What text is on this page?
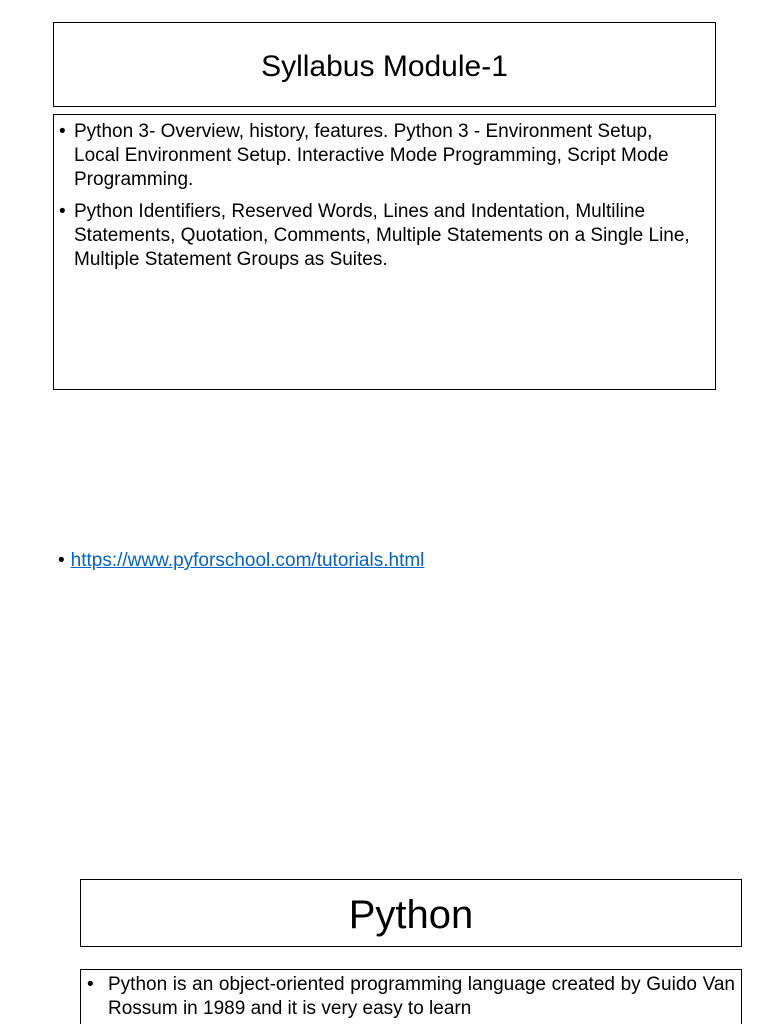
Syllabus Module-1
• Python 3- Overview, history, features. Python 3 - Environment Setup, Local Environment Setup. Interactive Mode Programming, Script Mode Programming.
• Python Identifiers, Reserved Words, Lines and Indentation, Multiline Statements, Quotation, Comments, Multiple Statements on a Single Line, Multiple Statement Groups as Suites.
• https://www.pyforschool.com/tutorials.html
Python
• Python is an object-oriented programming language created by Guido Van Rossum in 1989 and it is very easy to learn
